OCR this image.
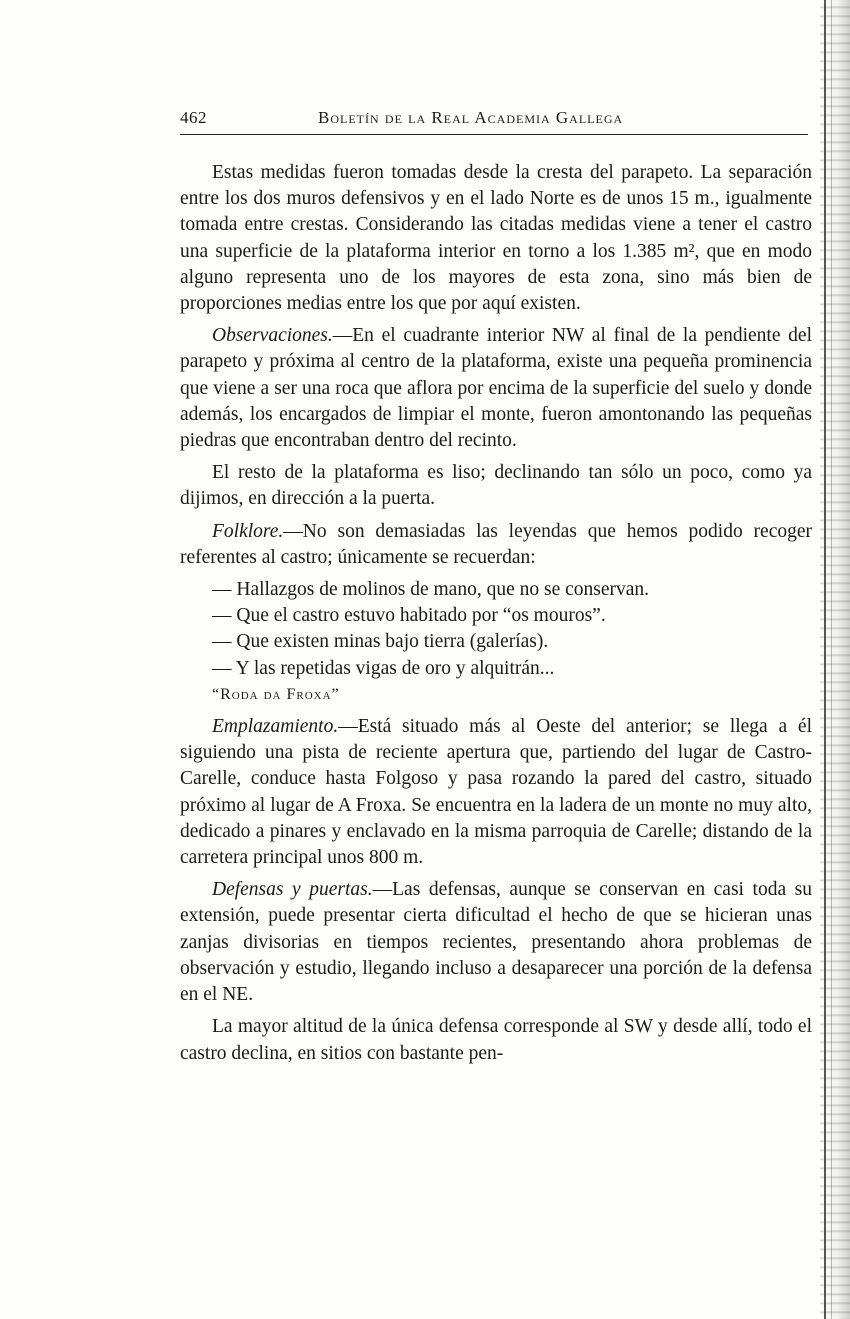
462	Boletín de la Real Academia Gallega

Estas medidas fueron tomadas desde la cresta del parapeto. La separación entre los dos muros defensivos y en el lado Norte es de unos 15 m., igualmente tomada entre crestas. Considerando las citadas medidas viene a tener el castro una superficie de la plataforma interior en torno a los 1.385 m², que en modo alguno representa uno de los mayores de esta zona, sino más bien de proporciones medias entre los que por aquí existen.

Observaciones.—En el cuadrante interior NW al final de la pendiente del parapeto y próxima al centro de la plataforma, existe una pequeña prominencia que viene a ser una roca que aflora por encima de la superficie del suelo y donde además, los encargados de limpiar el monte, fueron amontonando las pequeñas piedras que encontraban dentro del recinto.

El resto de la plataforma es liso; declinando tan sólo un poco, como ya dijimos, en dirección a la puerta.

Folklore.—No son demasiadas las leyendas que hemos podido recoger referentes al castro; únicamente se recuerdan:

— Hallazgos de molinos de mano, que no se conservan.

— Que el castro estuvo habitado por “os mouros”.

— Que existen minas bajo tierra (galerías).

— Y las repetidas vigas de oro y alquitrán...

“Roda da Froxa”

Emplazamiento.—Está situado más al Oeste del anterior; se llega a él siguiendo una pista de reciente apertura que, partiendo del lugar de Castro-Carelle, conduce hasta Folgoso y pasa rozando la pared del castro, situado próximo al lugar de A Froxa. Se encuentra en la ladera de un monte no muy alto, dedicado a pinares y enclavado en la misma parroquia de Carelle; distando de la carretera principal unos 800 m.

Defensas y puertas.—Las defensas, aunque se conservan en casi toda su extensión, puede presentar cierta dificultad el hecho de que se hicieran unas zanjas divisorias en tiempos recientes, presentando ahora problemas de observación y estudio, llegando incluso a desaparecer una porción de la defensa en el NE.

La mayor altitud de la única defensa corresponde al SW y desde allí, todo el castro declina, en sitios con bastante pen-
